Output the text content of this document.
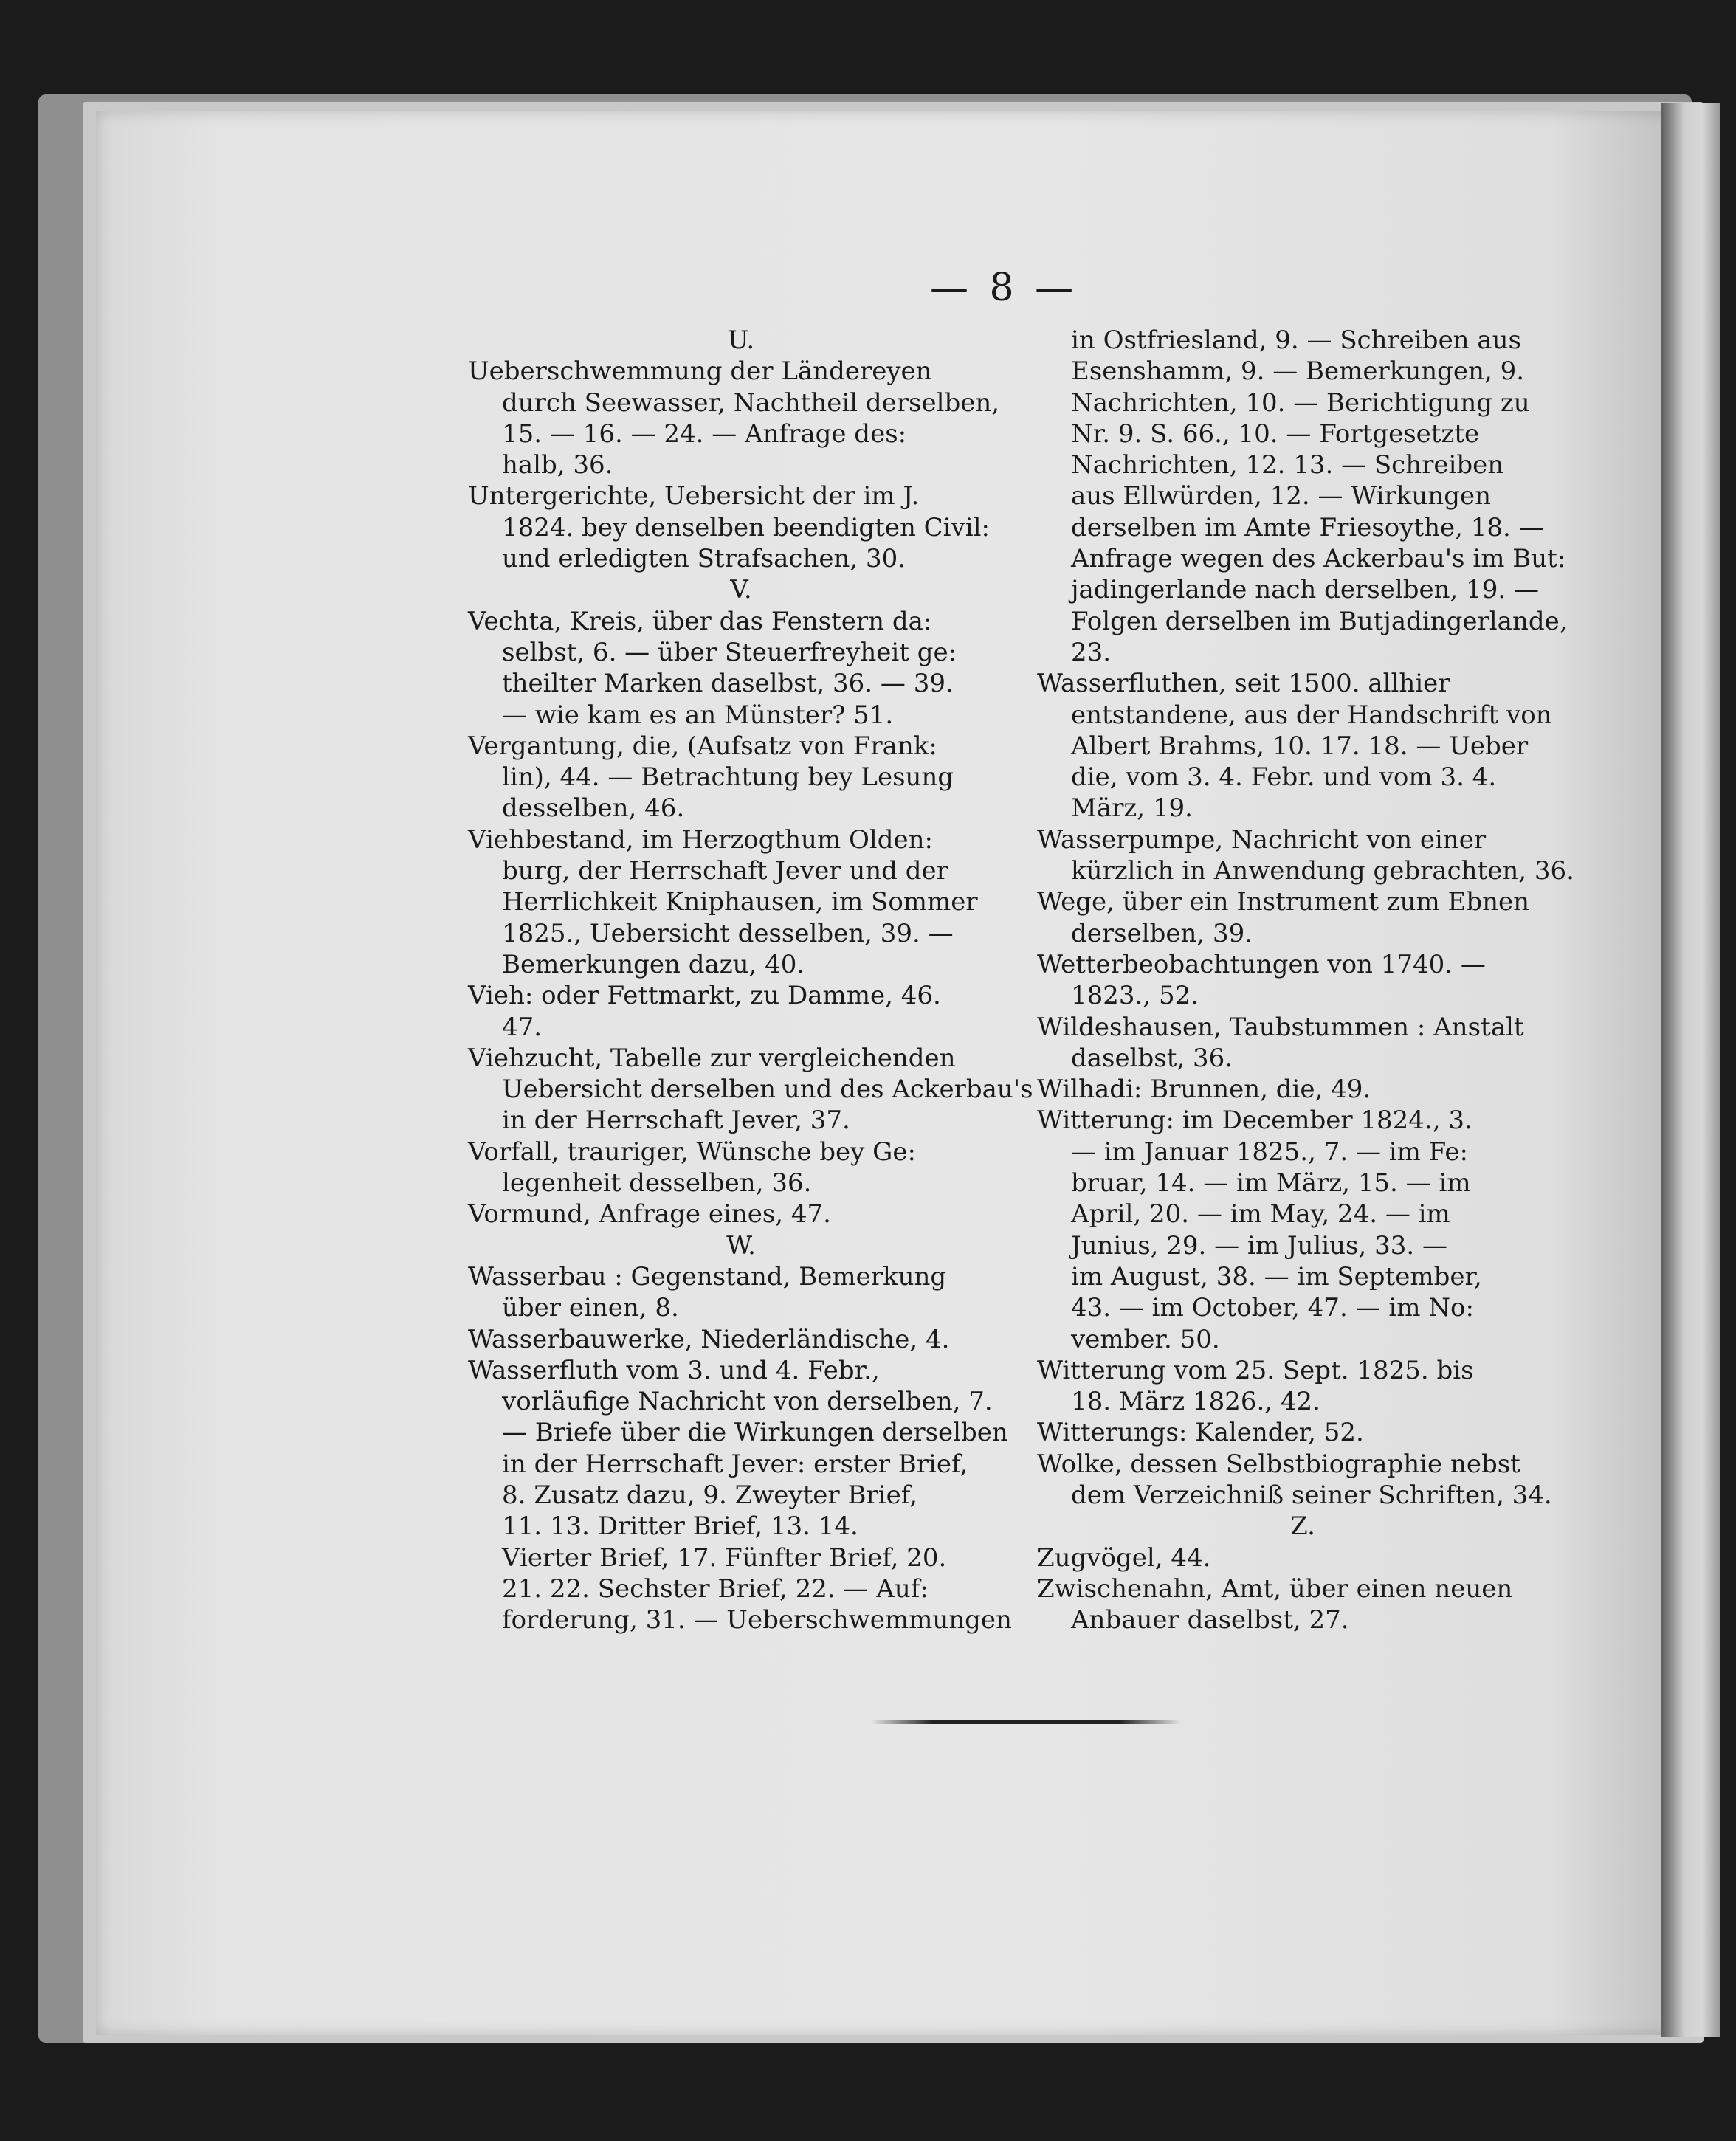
— 8 —
U.
Ueberschwemmung der Ländereyen
durch Seewasser, Nachtheil derselben,
15. — 16. — 24. — Anfrage des:
halb, 36.
Untergerichte, Uebersicht der im J.
1824. bey denselben beendigten Civil:
und erledigten Strafsachen, 30.
V.
Vechta, Kreis, über das Fenstern da:
selbst, 6. — über Steuerfreyheit ge:
theilter Marken daselbst, 36. — 39.
— wie kam es an Münster? 51.
Vergantung, die, (Aufsatz von Frank:
lin), 44. — Betrachtung bey Lesung
desselben, 46.
Viehbestand, im Herzogthum Olden:
burg, der Herrschaft Jever und der
Herrlichkeit Kniphausen, im Sommer
1825., Uebersicht desselben, 39. —
Bemerkungen dazu, 40.
Vieh: oder Fettmarkt, zu Damme, 46.
47.
Viehzucht, Tabelle zur vergleichenden
Uebersicht derselben und des Ackerbau's
in der Herrschaft Jever, 37.
Vorfall, trauriger, Wünsche bey Ge:
legenheit desselben, 36.
Vormund, Anfrage eines, 47.
W.
Wasserbau : Gegenstand, Bemerkung
über einen, 8.
Wasserbauwerke, Niederländische, 4.
Wasserfluth vom 3. und 4. Febr.,
vorläufige Nachricht von derselben, 7.
— Briefe über die Wirkungen derselben
in der Herrschaft Jever: erster Brief,
8. Zusatz dazu, 9. Zweyter Brief,
11. 13. Dritter Brief, 13. 14.
Vierter Brief, 17. Fünfter Brief, 20.
21. 22. Sechster Brief, 22. — Auf:
forderung, 31. — Ueberschwemmungen
in Ostfriesland, 9. — Schreiben aus
Esenshamm, 9. — Bemerkungen, 9.
Nachrichten, 10. — Berichtigung zu
Nr. 9. S. 66., 10. — Fortgesetzte
Nachrichten, 12. 13. — Schreiben
aus Ellwürden, 12. — Wirkungen
derselben im Amte Friesoythe, 18. —
Anfrage wegen des Ackerbau's im But:
jadingerlande nach derselben, 19. —
Folgen derselben im Butjadingerlande,
23.
Wasserfluthen, seit 1500. allhier
entstandene, aus der Handschrift von
Albert Brahms, 10. 17. 18. — Ueber
die, vom 3. 4. Febr. und vom 3. 4.
März, 19.
Wasserpumpe, Nachricht von einer
kürzlich in Anwendung gebrachten, 36.
Wege, über ein Instrument zum Ebnen
derselben, 39.
Wetterbeobachtungen von 1740. —
1823., 52.
Wildeshausen, Taubstummen : Anstalt
daselbst, 36.
Wilhadi: Brunnen, die, 49.
Witterung: im December 1824., 3.
— im Januar 1825., 7. — im Fe:
bruar, 14. — im März, 15. — im
April, 20. — im May, 24. — im
Junius, 29. — im Julius, 33. —
im August, 38. — im September,
43. — im October, 47. — im No:
vember. 50.
Witterung vom 25. Sept. 1825. bis
18. März 1826., 42.
Witterungs: Kalender, 52.
Wolke, dessen Selbstbiographie nebst
dem Verzeichniß seiner Schriften, 34.
Z.
Zugvögel, 44.
Zwischenahn, Amt, über einen neuen
Anbauer daselbst, 27.
